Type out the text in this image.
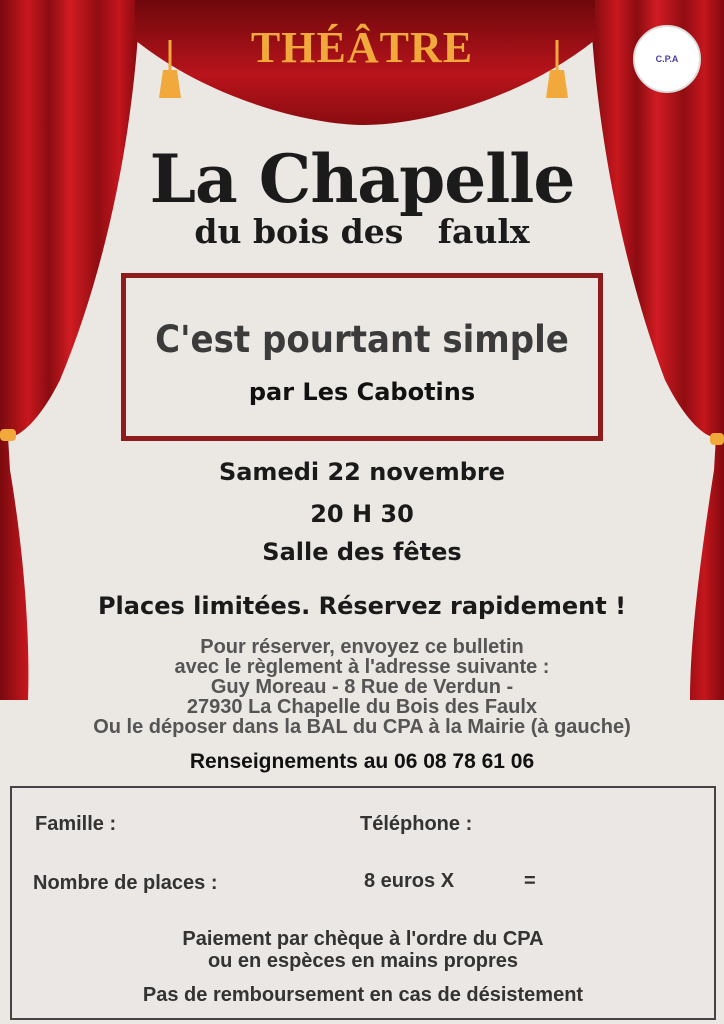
THÉÂTRE	C.P.A
La Chapelle
du bois des   faulx
C'est pourtant simple
par Les Cabotins
Samedi 22 novembre
20 H 30
Salle des fêtes
Places limitées. Réservez rapidement !
Pour réserver, envoyez ce bulletin
avec le règlement à l'adresse suivante :
Guy Moreau - 8 Rue de Verdun -
27930 La Chapelle du Bois des Faulx
Ou le déposer dans la BAL du CPA à la Mairie (à gauche)
Renseignements au 06 08 78 61 06
Famille :	Téléphone :
Nombre de places :	8 euros X	=
Paiement par chèque à l'ordre du CPA
ou en espèces en mains propres
Pas de remboursement en cas de désistement
